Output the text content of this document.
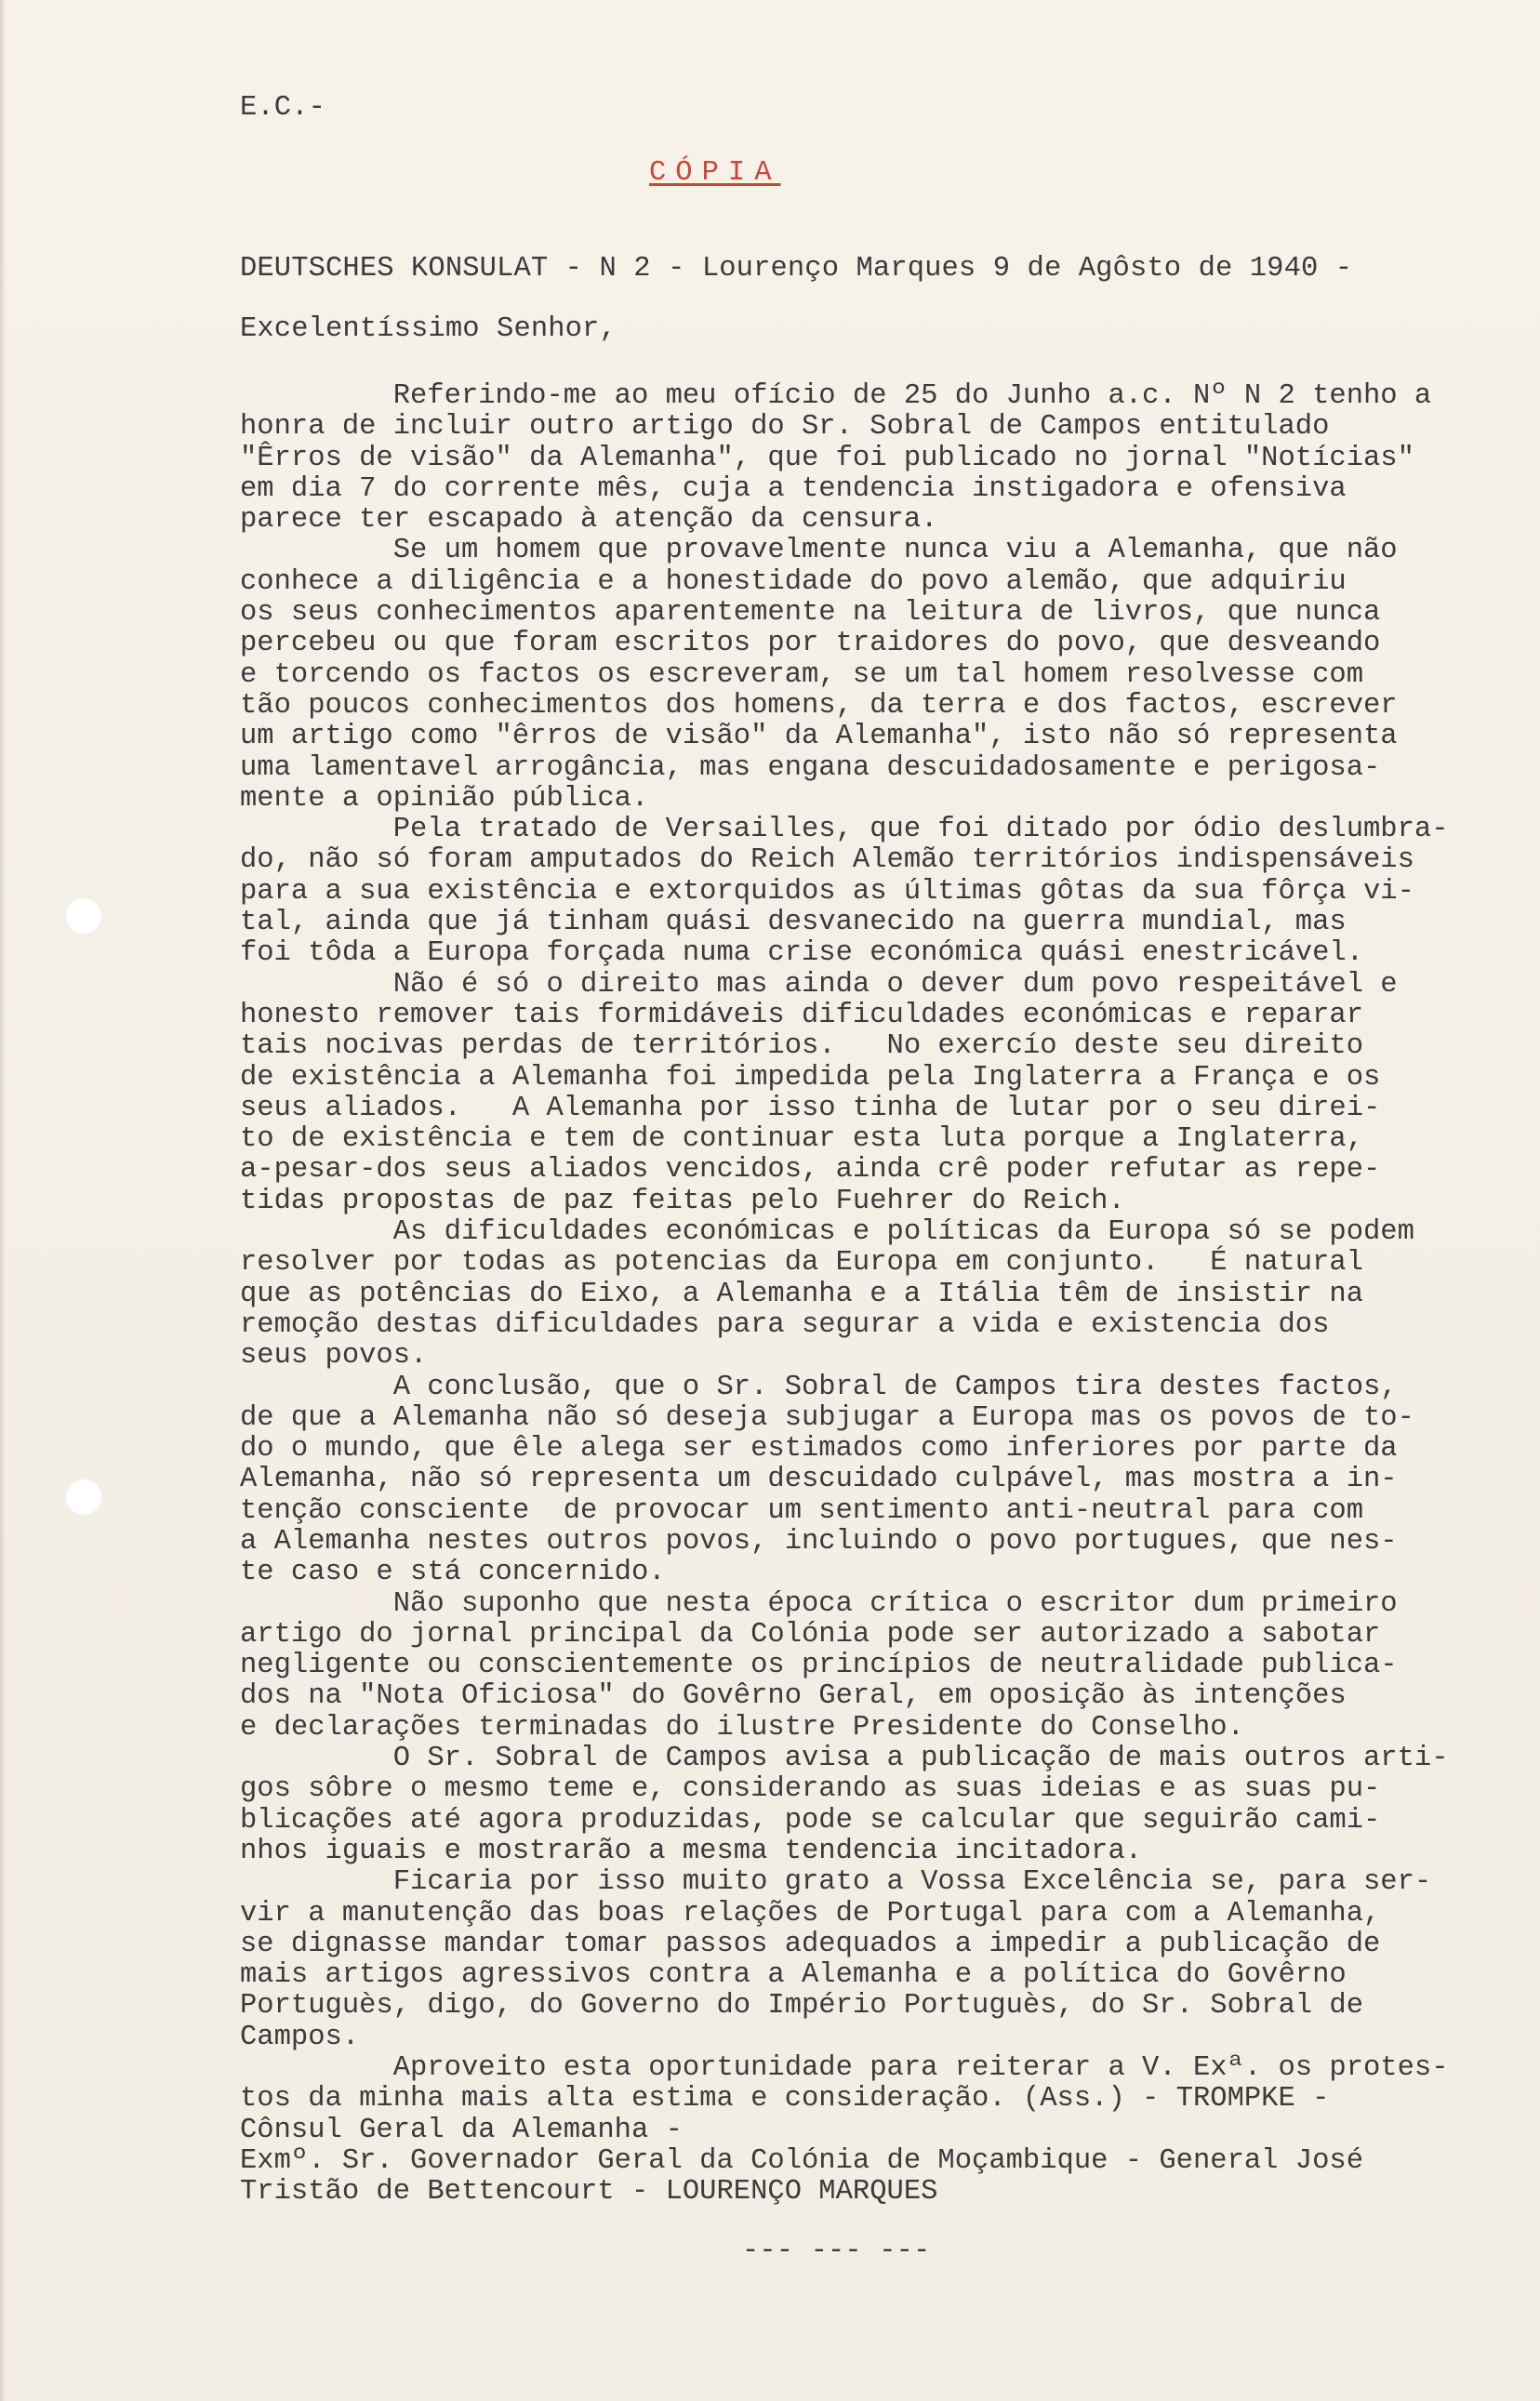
E.C.-
CÓPIA
DEUTSCHES KONSULAT - N 2 - Lourenço Marques 9 de Agôsto de 1940 -
Excelentíssimo Senhor,
Referindo-me ao meu ofício de 25 do Junho a.c. Nº N 2 tenho a
honra de incluir outro artigo do Sr. Sobral de Campos entitulado
"Êrros de visão" da Alemanha", que foi publicado no jornal "Notícias"
em dia 7 do corrente mês, cuja a tendencia instigadora e ofensiva
parece ter escapado à atenção da censura.
Se um homem que provavelmente nunca viu a Alemanha, que não
conhece a diligência e a honestidade do povo alemão, que adquiriu
os seus conhecimentos aparentemente na leitura de livros, que nunca
percebeu ou que foram escritos por traidores do povo, que desveando
e torcendo os factos os escreveram, se um tal homem resolvesse com
tão poucos conhecimentos dos homens, da terra e dos factos, escrever
um artigo como "êrros de visão" da Alemanha", isto não só representa
uma lamentavel arrogância, mas engana descuidadosamente e perigosa-
mente a opinião pública.
Pela tratado de Versailles, que foi ditado por ódio deslumbra-
do, não só foram amputados do Reich Alemão territórios indispensáveis
para a sua existência e extorquidos as últimas gôtas da sua fôrça vi-
tal, ainda que já tinham quási desvanecido na guerra mundial, mas
foi tôda a Europa forçada numa crise económica quási enestricável.
Não é só o direito mas ainda o dever dum povo respeitável e
honesto remover tais formidáveis dificuldades económicas e reparar
tais nocivas perdas de territórios.   No exercío deste seu direito
de existência a Alemanha foi impedida pela Inglaterra a França e os
seus aliados.   A Alemanha por isso tinha de lutar por o seu direi-
to de existência e tem de continuar esta luta porque a Inglaterra,
a-pesar-dos seus aliados vencidos, ainda crê poder refutar as repe-
tidas propostas de paz feitas pelo Fuehrer do Reich.
As dificuldades económicas e políticas da Europa só se podem
resolver por todas as potencias da Europa em conjunto.   É natural
que as potências do Eixo, a Alemanha e a Itália têm de insistir na
remoção destas dificuldades para segurar a vida e existencia dos
seus povos.
A conclusão, que o Sr. Sobral de Campos tira destes factos,
de que a Alemanha não só deseja subjugar a Europa mas os povos de to-
do o mundo, que êle alega ser estimados como inferiores por parte da
Alemanha, não só representa um descuidado culpável, mas mostra a in-
tenção consciente  de provocar um sentimento anti-neutral para com
a Alemanha nestes outros povos, incluindo o povo portugues, que nes-
te caso e stá concernido.
Não suponho que nesta época crítica o escritor dum primeiro
artigo do jornal principal da Colónia pode ser autorizado a sabotar
negligente ou conscientemente os princípios de neutralidade publica-
dos na "Nota Oficiosa" do Govêrno Geral, em oposição às intenções
e declarações terminadas do ilustre Presidente do Conselho.
O Sr. Sobral de Campos avisa a publicação de mais outros arti-
gos sôbre o mesmo teme e, considerando as suas ideias e as suas pu-
blicações até agora produzidas, pode se calcular que seguirão cami-
nhos iguais e mostrarão a mesma tendencia incitadora.
Ficaria por isso muito grato a Vossa Excelência se, para ser-
vir a manutenção das boas relações de Portugal para com a Alemanha,
se dignasse mandar tomar passos adequados a impedir a publicação de
mais artigos agressivos contra a Alemanha e a política do Govêrno
Portuguès, digo, do Governo do Império Portuguès, do Sr. Sobral de
Campos.
Aproveito esta oportunidade para reiterar a V. Exª. os protes-
tos da minha mais alta estima e consideração. (Ass.) - TROMPKE -
Cônsul Geral da Alemanha -
Exmº. Sr. Governador Geral da Colónia de Moçambique - General José
Tristão de Bettencourt - LOURENÇO MARQUES
--- --- ---
